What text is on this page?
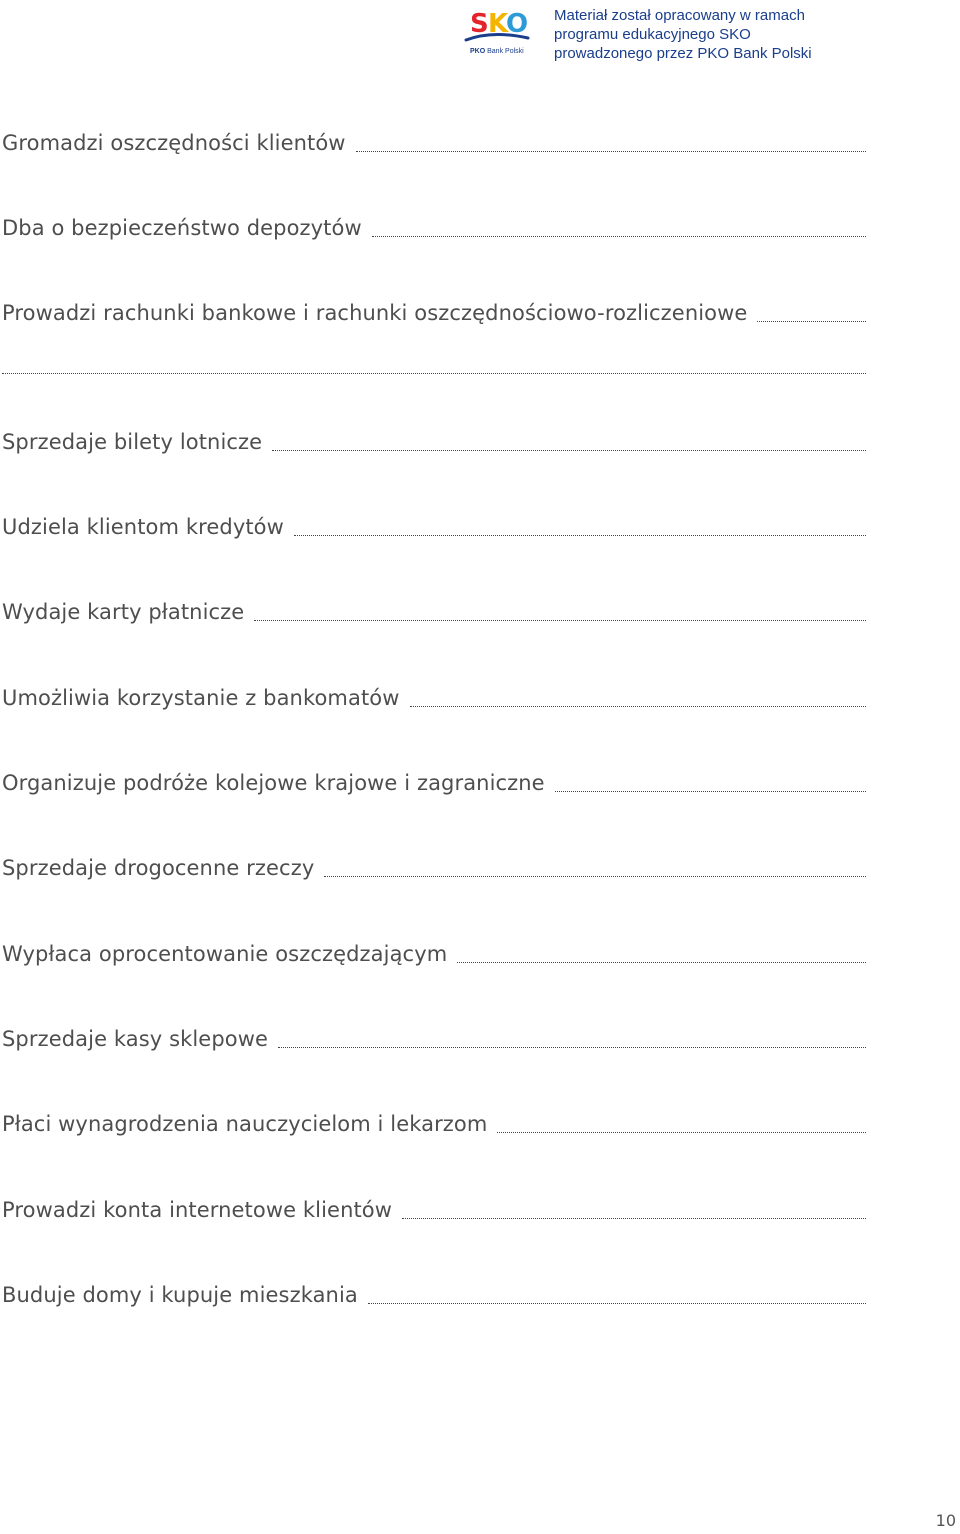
S K
O
PKO Bank Polski
Materiał został opracowany w ramach
programu edukacyjnego SKO
prowadzonego przez PKO Bank Polski
Gromadzi oszczędności klientów
Dba o bezpieczeństwo depozytów
Prowadzi rachunki bankowe i rachunki oszczędnościowo-rozliczeniowe
Sprzedaje bilety lotnicze
Udziela klientom kredytów
Wydaje karty płatnicze
Umożliwia korzystanie z bankomatów
Organizuje podróże kolejowe krajowe i zagraniczne
Sprzedaje drogocenne rzeczy
Wypłaca oprocentowanie oszczędzającym
Sprzedaje kasy sklepowe
Płaci wynagrodzenia nauczycielom i lekarzom
Prowadzi konta internetowe klientów
Buduje domy i kupuje mieszkania
10
